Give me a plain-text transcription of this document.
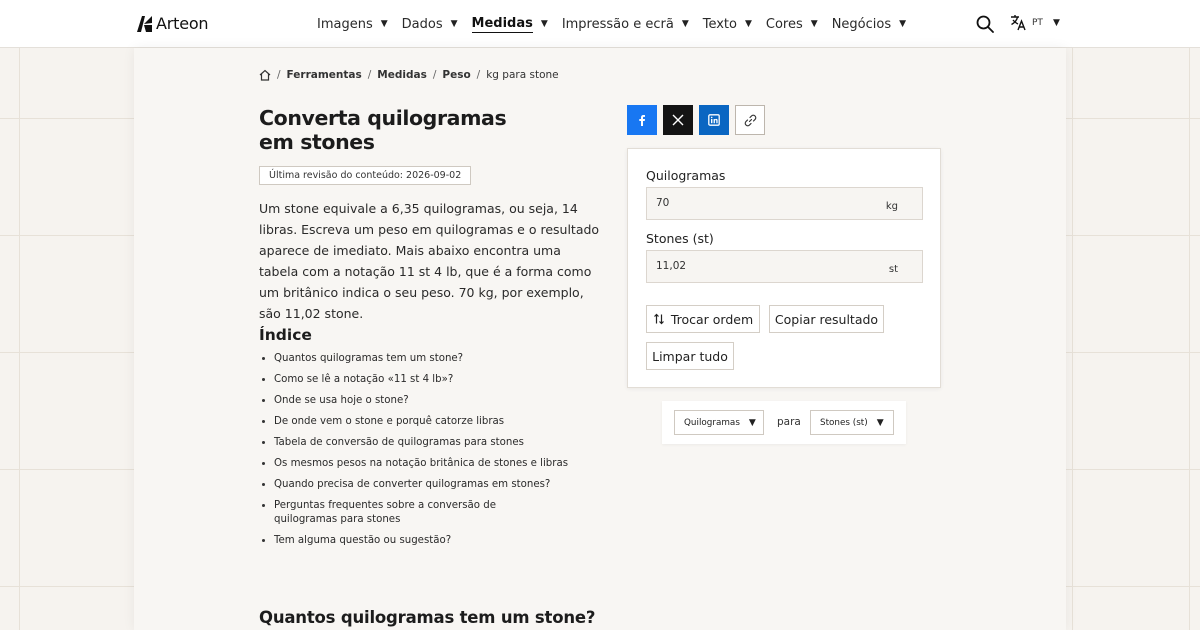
Arteon	Imagens ▼ Dados ▼ Medidas ▼ Impressão e ecrã ▼ Texto ▼ Cores ▼ Negócios ▼	PT ▼
/ Ferramentas / Medidas / Peso / kg para stone
Converta quilogramas
em stones
Última revisão do conteúdo: 2026-09-02

Um stone equivale a 6,35 quilogramas, ou seja, 14 libras. Escreva um peso em quilogramas e o resultado aparece de imediato. Mais abaixo encontra uma tabela com a notação 11 st 4 lb, que é a forma como um britânico indica o seu peso. 70 kg, por exemplo, são 11,02 stone.

Índice
Quantos quilogramas tem um stone?
Como se lê a notação «11 st 4 lb»?
Onde se usa hoje o stone?
De onde vem o stone e porquê catorze libras
Tabela de conversão de quilogramas para stones
Os mesmos pesos na notação britânica de stones e libras
Quando precisa de converter quilogramas em stones?
Perguntas frequentes sobre a conversão de quilogramas para stones
Tem alguma questão ou sugestão?
Quantos quilogramas tem um stone?
Quilogramas
70
kg
Stones (st)
11,02
st
Trocar ordem	Copiar resultado
Limpar tudo
Quilogramas ▼ para Stones (st) ▼
